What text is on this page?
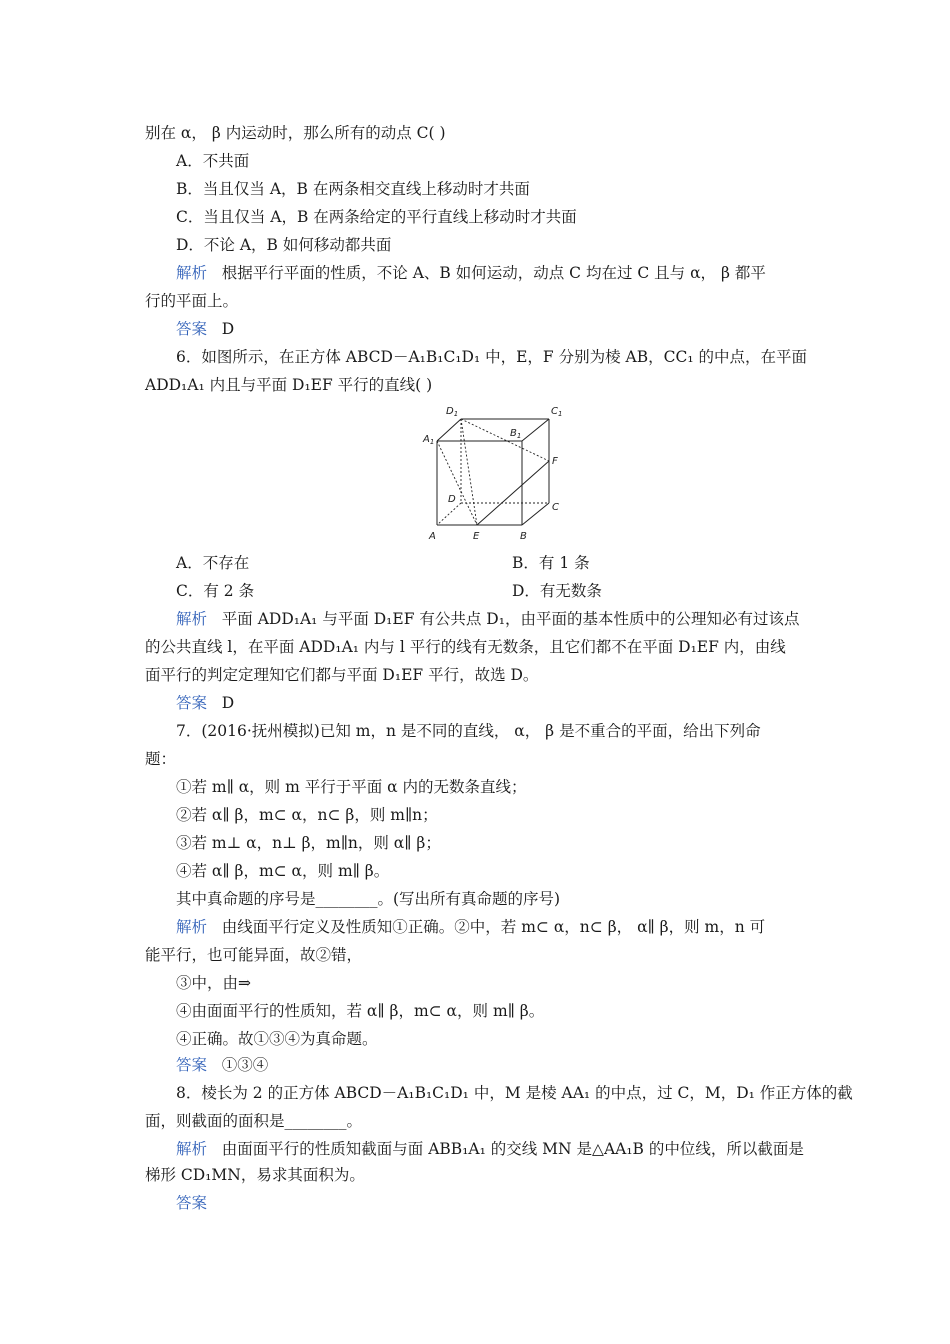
别在 α， β 内运动时，那么所有的动点 C( )
A．不共面
B．当且仅当 A，B 在两条相交直线上移动时才共面
C．当且仅当 A，B 在两条给定的平行直线上移动时才共面
D．不论 A，B 如何移动都共面
解析 根据平行平面的性质，不论 A、B 如何运动，动点 C 均在过 C 且与 α， β 都平
行的平面上。
答案 D
6．如图所示，在正方体 ABCD－A₁B₁C₁D₁ 中，E，F 分别为棱 AB，CC₁ 的中点，在平面
ADD₁A₁ 内且与平面 D₁EF 平行的直线( )
$D_1$	$C_1$
$A_1$
$B_1$
F
D
C
A	E	B
A．不存在	B．有 1 条
C．有 2 条	D．有无数条
解析 平面 ADD₁A₁ 与平面 D₁EF 有公共点 D₁，由平面的基本性质中的公理知必有过该点
的公共直线 l，在平面 ADD₁A₁ 内与 l 平行的线有无数条，且它们都不在平面 D₁EF 内，由线
面平行的判定定理知它们都与平面 D₁EF 平行，故选 D。
答案 D
7．(2016·抚州模拟)已知 m，n 是不同的直线， α， β 是不重合的平面，给出下列命
题：
①若 m∥ α，则 m 平行于平面 α 内的无数条直线；
②若 α∥ β，m⊂ α，n⊂ β，则 m∥n；
③若 m⊥ α，n⊥ β，m∥n，则 α∥ β；
④若 α∥ β，m⊂ α，则 m∥ β。
其中真命题的序号是________。(写出所有真命题的序号)
解析 由线面平行定义及性质知①正确。②中，若 m⊂ α，n⊂ β， α∥ β，则 m，n 可
能平行，也可能异面，故②错，
③中，由⇒
④由面面平行的性质知，若 α∥ β，m⊂ α，则 m∥ β。
④正确。故①③④为真命题。
答案 ①③④
8．棱长为 2 的正方体 ABCD－A₁B₁C₁D₁ 中，M 是棱 AA₁ 的中点，过 C，M，D₁ 作正方体的截
面，则截面的面积是________。
解析 由面面平行的性质知截面与面 ABB₁A₁ 的交线 MN 是△AA₁B 的中位线，所以截面是
梯形 CD₁MN，易求其面积为。
答案
